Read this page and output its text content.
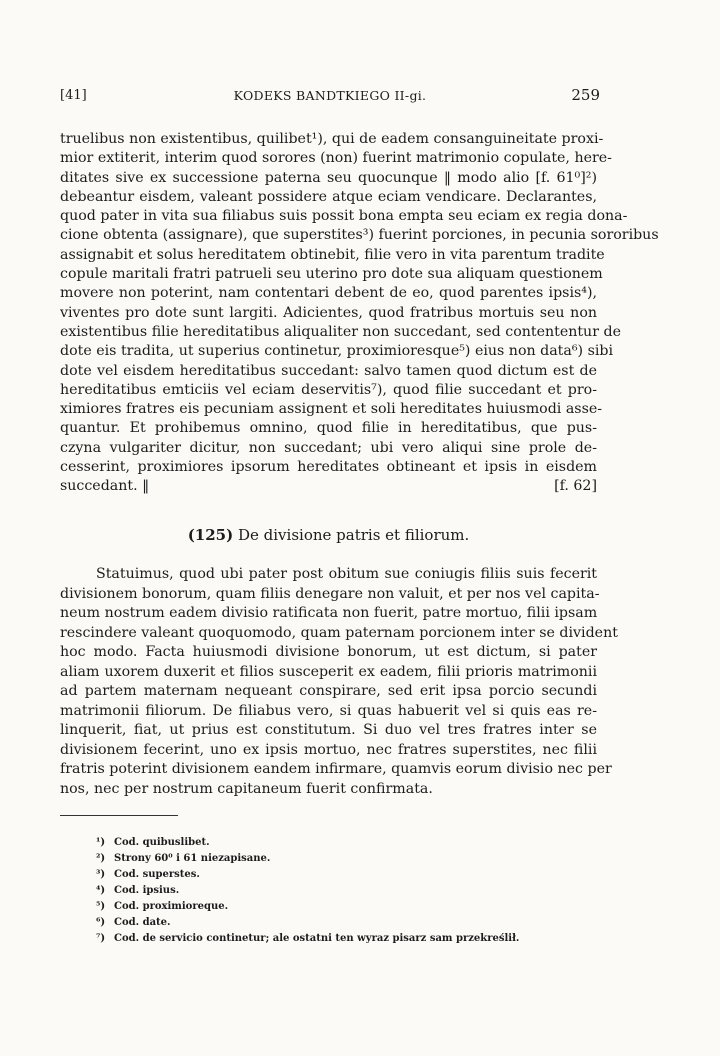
[41]	KODEKS BANDTKIEGO II-gi.	259
truelibus non existentibus, quilibet¹), qui de eadem consanguineitate proxi-
mior extiterit, interim quod sorores (non) fuerint matrimonio copulate, here-
ditates sive ex successione paterna seu quocunque ‖ modo alio [f. 61⁰]²)
debeantur eisdem, valeant possidere atque eciam vendicare. Declarantes,
quod pater in vita sua filiabus suis possit bona empta seu eciam ex regia dona-
cione obtenta (assignare), que superstites³) fuerint porciones, in pecunia sororibus
assignabit et solus hereditatem obtinebit, filie vero in vita parentum tradite
copule maritali fratri patrueli seu uterino pro dote sua aliquam questionem
movere non poterint, nam contentari debent de eo, quod parentes ipsis⁴),
viventes pro dote sunt largiti. Adicientes, quod fratribus mortuis seu non
existentibus filie hereditatibus aliqualiter non succedant, sed contententur de
dote eis tradita, ut superius continetur, proximioresque⁵) eius non data⁶) sibi
dote vel eisdem hereditatibus succedant: salvo tamen quod dictum est de
hereditatibus emticiis vel eciam deservitis⁷), quod filie succedant et pro-
ximiores fratres eis pecuniam assignent et soli hereditates huiusmodi asse-
quantur. Et prohibemus omnino, quod filie in hereditatibus, que pus-
czyna vulgariter dicitur, non succedant; ubi vero aliqui sine prole de-
cesserint, proximiores ipsorum hereditates obtineant et ipsis in eisdem
succedant. ‖	[f. 62]
(125) De divisione patris et filiorum.
Statuimus, quod ubi pater post obitum sue coniugis filiis suis fecerit
divisionem bonorum, quam filiis denegare non valuit, et per nos vel capita-
neum nostrum eadem divisio ratificata non fuerit, patre mortuo, filii ipsam
rescindere valeant quoquomodo, quam paternam porcionem inter se divident
hoc modo. Facta huiusmodi divisione bonorum, ut est dictum, si pater
aliam uxorem duxerit et filios susceperit ex eadem, filii prioris matrimonii
ad partem maternam nequeant conspirare, sed erit ipsa porcio secundi
matrimonii filiorum. De filiabus vero, si quas habuerit vel si quis eas re-
linquerit, fiat, ut prius est constitutum. Si duo vel tres fratres inter se
divisionem fecerint, uno ex ipsis mortuo, nec fratres superstites, nec filii
fratris poterint divisionem eandem infirmare, quamvis eorum divisio nec per
nos, nec per nostrum capitaneum fuerit confirmata.
¹) Cod. quibuslibet.
²) Strony 60⁰ i 61 niezapisane.
³) Cod. superstes.
⁴) Cod. ipsius.
⁵) Cod. proximioreque.
⁶) Cod. date.
⁷) Cod. de servicio continetur; ale ostatni ten wyraz pisarz sam przekreślił.
